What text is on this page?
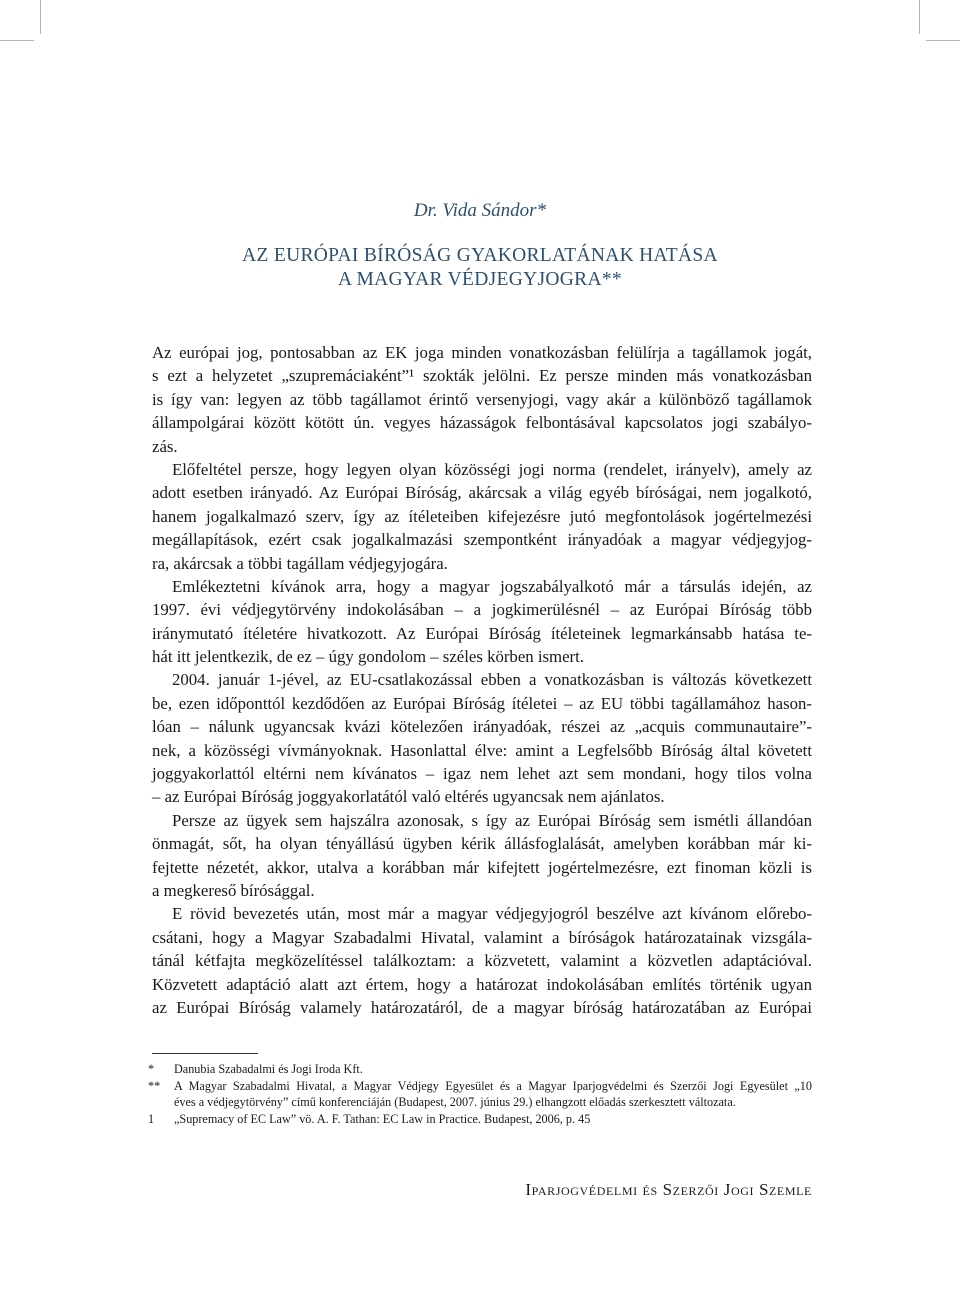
Dr. Vida Sándor*
AZ EURÓPAI BÍRÓSÁG GYAKORLATÁNAK HATÁSA
A MAGYAR VÉDJEGYJOGRA**
Az európai jog, pontosabban az EK joga minden vonatkozásban felülírja a tagállamok jogát,
s ezt a helyzetet „szupremáciaként”¹ szokták jelölni. Ez persze minden más vonatkozásban
is így van: legyen az több tagállamot érintő versenyjogi, vagy akár a különböző tagállamok
állampolgárai között kötött ún. vegyes házasságok felbontásával kapcsolatos jogi szabályo-
zás.
Előfeltétel persze, hogy legyen olyan közösségi jogi norma (rendelet, irányelv), amely az
adott esetben irányadó. Az Európai Bíróság, akárcsak a világ egyéb bíróságai, nem jogalkotó,
hanem jogalkalmazó szerv, így az ítéleteiben kifejezésre jutó megfontolások jogértelmezési
megállapítások, ezért csak jogalkalmazási szempontként irányadóak a magyar védjegyjog-
ra, akárcsak a többi tagállam védjegyjogára.
Emlékeztetni kívánok arra, hogy a magyar jogszabályalkotó már a társulás idején, az
1997. évi védjegytörvény indokolásában – a jogkimerülésnél – az Európai Bíróság több
iránymutató ítéletére hivatkozott. Az Európai Bíróság ítéleteinek legmarkánsabb hatása te-
hát itt jelentkezik, de ez – úgy gondolom – széles körben ismert.
2004. január 1-jével, az EU-csatlakozással ebben a vonatkozásban is változás következett
be, ezen időponttól kezdődően az Európai Bíróság ítéletei – az EU többi tagállamához hason-
lóan – nálunk ugyancsak kvázi kötelezően irányadóak, részei az „acquis communautaire”-
nek, a közösségi vívmányoknak. Hasonlattal élve: amint a Legfelsőbb Bíróság által követett
joggyakorlattól eltérni nem kívánatos – igaz nem lehet azt sem mondani, hogy tilos volna
– az Európai Bíróság joggyakorlatától való eltérés ugyancsak nem ajánlatos.
Persze az ügyek sem hajszálra azonosak, s így az Európai Bíróság sem ismétli állandóan
önmagát, sőt, ha olyan tényállású ügyben kérik állásfoglalását, amelyben korábban már ki-
fejtette nézetét, akkor, utalva a korábban már kifejtett jogértelmezésre, ezt finoman közli is
a megkereső bírósággal.
E rövid bevezetés után, most már a magyar védjegyjogról beszélve azt kívánom előrebo-
csátani, hogy a Magyar Szabadalmi Hivatal, valamint a bíróságok határozatainak vizsgála-
tánál kétfajta megközelítéssel találkoztam: a közvetett, valamint a közvetlen adaptációval.
Közvetett adaptáció alatt azt értem, hogy a határozat indokolásában említés történik ugyan
az Európai Bíróság valamely határozatáról, de a magyar bíróság határozatában az Európai
* Danubia Szabadalmi és Jogi Iroda Kft.
** A Magyar Szabadalmi Hivatal, a Magyar Védjegy Egyesület és a Magyar Iparjogvédelmi és Szerzői Jogi Egyesület „10
éves a védjegytörvény” című konferenciáján (Budapest, 2007. június 29.) elhangzott előadás szerkesztett változata.
1 „Supremacy of EC Law” vö. A. F. Tathan: EC Law in Practice. Budapest, 2006, p. 45
Iparjogvédelmi és Szerzői Jogi Szemle
